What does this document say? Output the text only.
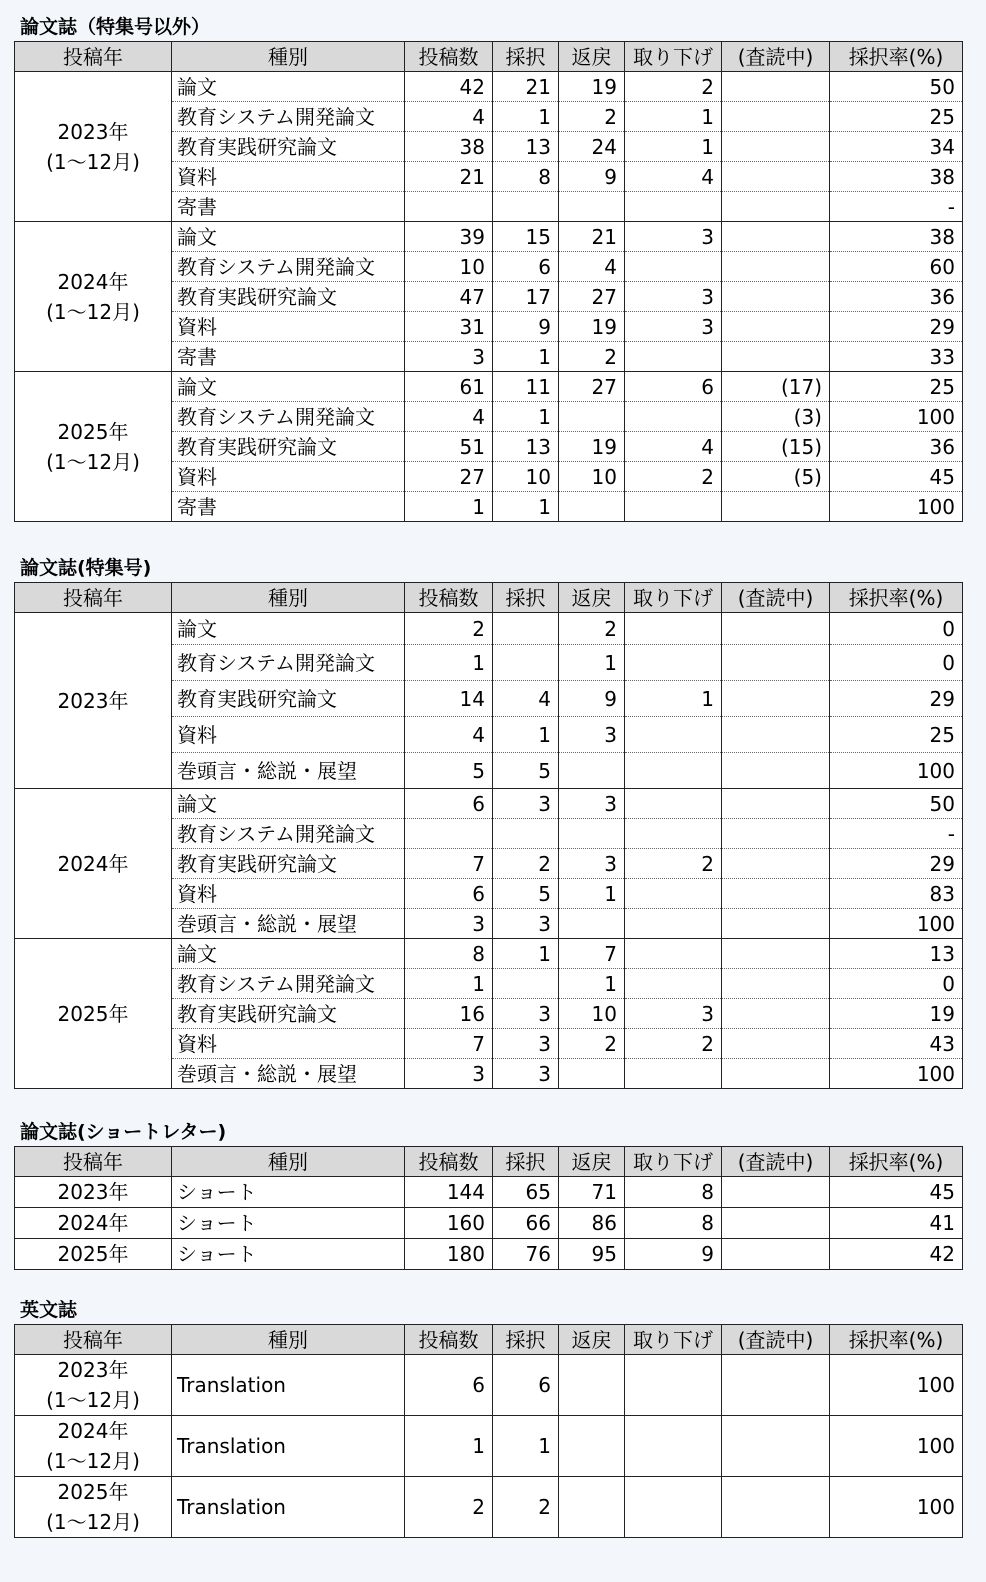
論文誌（特集号以外）
投稿年	種別	投稿数	採択	返戻	取り下げ	(査読中)	採択率(%)

2023年
(1～12月)	論文	42	21	19	2		50
	教育システム開発論文	4	1	2	1		25
	教育実践研究論文	38	13	24	1		34
	資料	21	8	9	4		38
	寄書						-

2024年
(1～12月)	論文	39	15	21	3		38
	教育システム開発論文	10	6	4			60
	教育実践研究論文	47	17	27	3		36
	資料	31	9	19	3		29
	寄書	3	1	2			33

2025年
(1～12月)	論文	61	11	27	6	(17)	25
	教育システム開発論文	4	1			(3)	100
	教育実践研究論文	51	13	19	4	(15)	36
	資料	27	10	10	2	(5)	45
	寄書	1	1				100
論文誌(特集号)
投稿年	種別	投稿数	採択	返戻	取り下げ	(査読中)	採択率(%)

2023年	論文	2		2			0
	教育システム開発論文	1		1			0
	教育実践研究論文	14	4	9	1		29
	資料	4	1	3			25
	巻頭言・総説・展望	5	5				100

2024年	論文	6	3	3			50
	教育システム開発論文						-
	教育実践研究論文	7	2	3	2		29
	資料	6	5	1			83
	巻頭言・総説・展望	3	3				100

2025年	論文	8	1	7			13
	教育システム開発論文	1		1			0
	教育実践研究論文	16	3	10	3		19
	資料	7	3	2	2		43
	巻頭言・総説・展望	3	3				100
論文誌(ショートレター)
投稿年	種別	投稿数	採択	返戻	取り下げ	(査読中)	採択率(%)

2023年	ショート	144	65	71	8		45

2024年	ショート	160	66	86	8		41

2025年	ショート	180	76	95	9		42
英文誌
投稿年	種別	投稿数	採択	返戻	取り下げ	(査読中)	採択率(%)

2023年
(1～12月)	Translation	6	6				100

2024年
(1～12月)	Translation	1	1				100

2025年
(1～12月)	Translation	2	2				100
